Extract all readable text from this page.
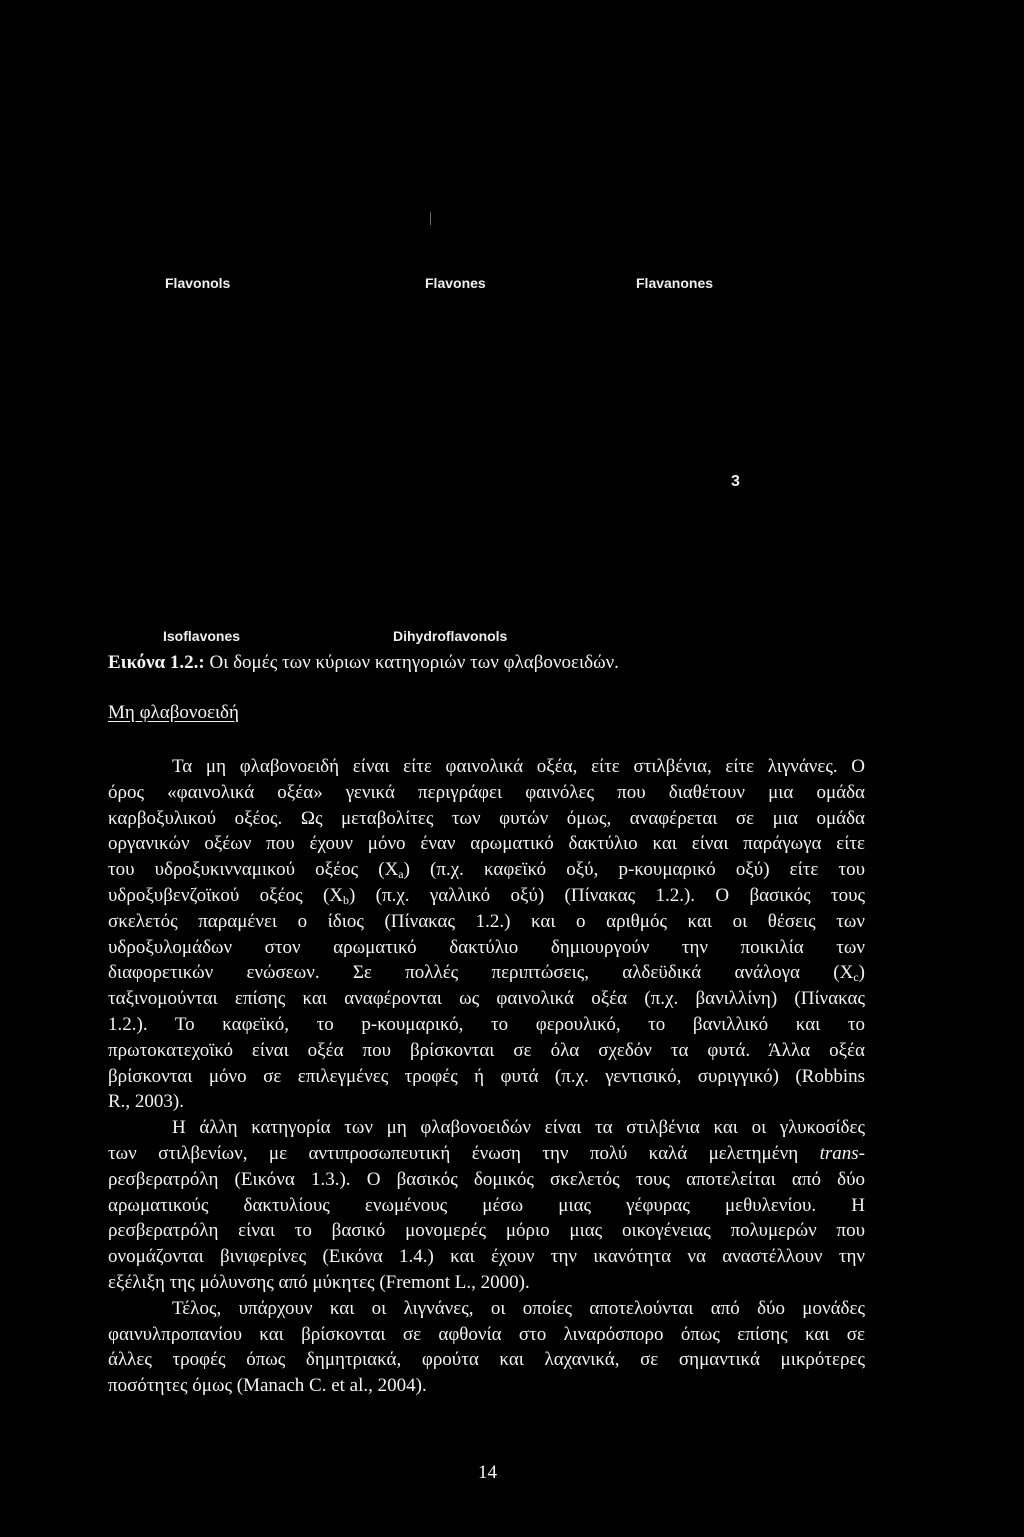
Flavonols	Flavones	Flavanones
3
Isoflavones	Dihydroflavonols
Εικόνα 1.2.: Οι δομές των κύριων κατηγοριών των φλαβονοειδών.
Μη φλαβονοειδή
Τα μη φλαβονοειδή είναι είτε φαινολικά οξέα, είτε στιλβένια, είτε λιγνάνες. Ο
όρος «φαινολικά οξέα» γενικά περιγράφει φαινόλες που διαθέτουν μια ομάδα
καρβοξυλικού οξέος. Ως μεταβολίτες των φυτών όμως, αναφέρεται σε μια ομάδα
οργανικών οξέων που έχουν μόνο έναν αρωματικό δακτύλιο και είναι παράγωγα είτε
του υδροξυκινναμικού οξέος $(X_a)$ (π.χ. καφεϊκό οξύ, p-κουμαρικό οξύ) είτε του
υδροξυβενζοϊκού οξέος $(X_b)$ (π.χ. γαλλικό οξύ) (Πίνακας 1.2.). Ο βασικός τους
σκελετός παραμένει ο ίδιος (Πίνακας 1.2.) και ο αριθμός και οι θέσεις των
υδροξυλομάδων στον αρωματικό δακτύλιο δημιουργούν την ποικιλία των
διαφορετικών ενώσεων. Σε πολλές περιπτώσεις, αλδεϋδικά ανάλογα $(X_c)$
ταξινομούνται επίσης και αναφέρονται ως φαινολικά οξέα (π.χ. βανιλλίνη) (Πίνακας
1.2.). Το καφεϊκό, το p-κουμαρικό, το φερουλικό, το βανιλλικό και το
πρωτοκατεχοϊκό είναι οξέα που βρίσκονται σε όλα σχεδόν τα φυτά. Άλλα οξέα
βρίσκονται μόνο σε επιλεγμένες τροφές ή φυτά (π.χ. γεντισικό, συριγγικό) (Robbins
R., 2003).
Η άλλη κατηγορία των μη φλαβονοειδών είναι τα στιλβένια και οι γλυκοσίδες
των στιλβενίων, με αντιπροσωπευτική ένωση την πολύ καλά μελετημένη trans-
ρεσβερατρόλη (Εικόνα 1.3.). Ο βασικός δομικός σκελετός τους αποτελείται από δύο
αρωματικούς δακτυλίους ενωμένους μέσω μιας γέφυρας μεθυλενίου. Η
ρεσβερατρόλη είναι το βασικό μονομερές μόριο μιας οικογένειας πολυμερών που
ονομάζονται βινιφερίνες (Εικόνα 1.4.) και έχουν την ικανότητα να αναστέλλουν την
εξέλιξη της μόλυνσης από μύκητες (Fremont L., 2000).
Τέλος, υπάρχουν και οι λιγνάνες, οι οποίες αποτελούνται από δύο μονάδες
φαινυλπροπανίου και βρίσκονται σε αφθονία στο λιναρόσπορο όπως επίσης και σε
άλλες τροφές όπως δημητριακά, φρούτα και λαχανικά, σε σημαντικά μικρότερες
ποσότητες όμως (Manach C. et al., 2004).
14
